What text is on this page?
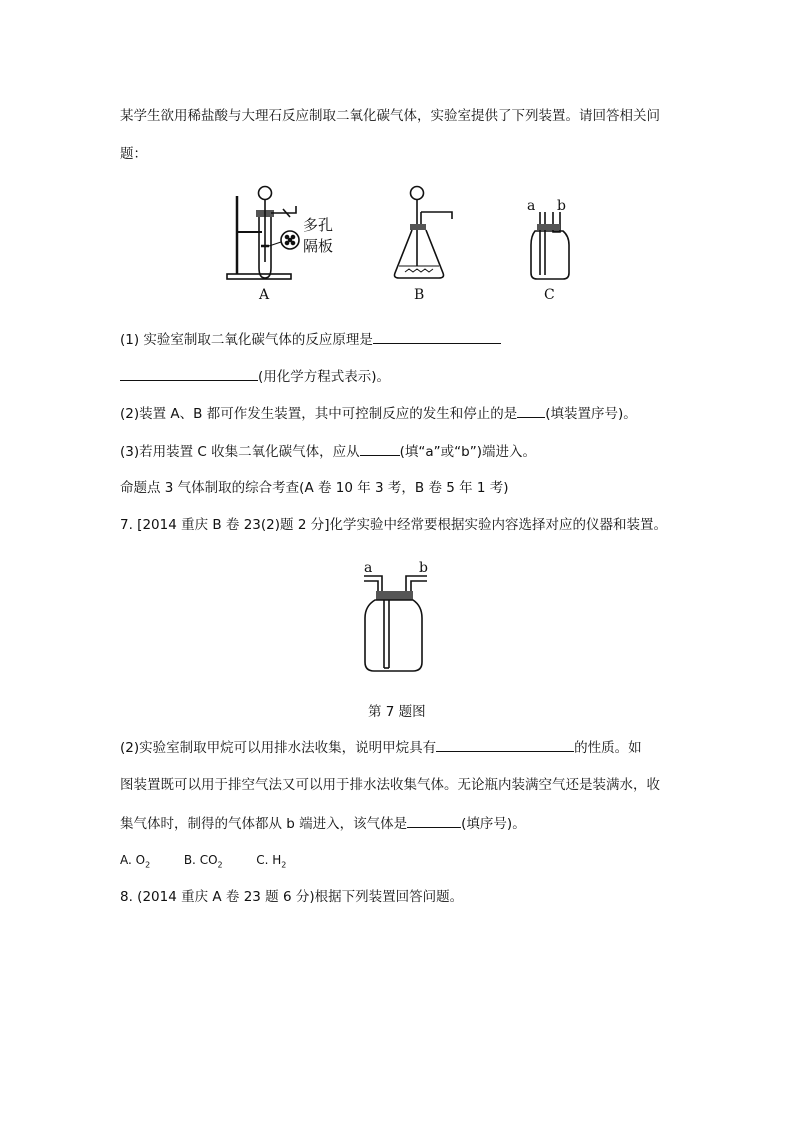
某学生欲用稀盐酸与大理石反应制取二氧化碳气体，实验室提供了下列装置。请回答相关问
题：
多孔
隔板
a b
A	B	C
(1) 实验室制取二氧化碳气体的反应原理是
(用化学方程式表示)。
(2)装置 A、B 都可作发生装置，其中可控制反应的发生和停止的是 (填装置序号)。
(3)若用装置 C 收集二氧化碳气体，应从	(填“a”或“b”)端进入。
命题点 3 气体制取的综合考查(A 卷 10 年 3 考，B 卷 5 年 1 考)
7. [2014 重庆 B 卷 23(2)题 2 分]化学实验中经常要根据实验内容选择对应的仪器和装置。
a	b
第 7 题图
(2)实验室制取甲烷可以用排水法收集，说明甲烷具有	的性质。如
图装置既可以用于排空气法又可以用于排水法收集气体。无论瓶内装满空气还是装满水，收
集气体时，制得的气体都从 b 端进入，该气体是	(填序号)。
A. $O_2$	B. $CO_2$	C. $H_2$
8. (2014 重庆 A 卷 23 题 6 分)根据下列装置回答问题。
